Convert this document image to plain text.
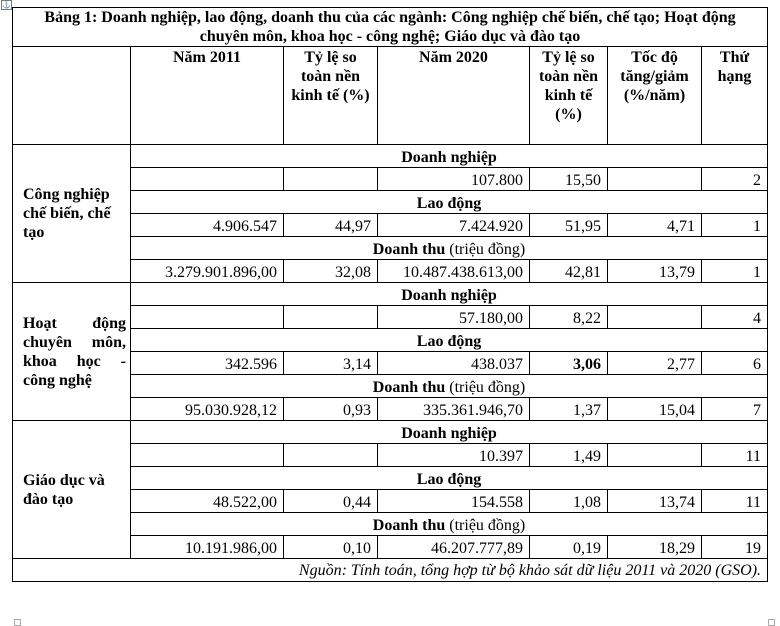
⚓
Bảng 1: Doanh nghiệp, lao động, doanh thu của các ngành: Công nghiệp chế biến, chế tạo; Hoạt động chuyên môn, khoa học - công nghệ; Giáo dục và đào tạo						
	Năm 2011	Tỷ lệ so toàn nền kinh tế (%)	Năm 2020	Tỷ lệ so toàn nền kinh tế (%)	Tốc độ tăng/giảm (%/năm)	Thứ hạng
Công nghiệp chế biến, chế tạo	Doanh nghiệp					
			107.800	15,50		2
	Lao động					
	4.906.547	44,97	7.424.920	51,95	4,71	1
	Doanh thu (triệu đồng)					
	3.279.901.896,00	32,08	10.487.438.613,00	42,81	13,79	1
Hoạt động chuyên môn, khoa học - công nghệ	Doanh nghiệp					
			57.180,00	8,22		4
	Lao động					
	342.596	3,14	438.037	3,06	2,77	6
	Doanh thu (triệu đồng)					
	95.030.928,12	0,93	335.361.946,70	1,37	15,04	7
Giáo dục và đào tạo	Doanh nghiệp					
			10.397	1,49		11
	Lao động					
	48.522,00	0,44	154.558	1,08	13,74	11
	Doanh thu (triệu đồng)					
	10.191.986,00	0,10	46.207.777,89	0,19	18,29	19
Nguồn: Tính toán, tổng hợp từ bộ khảo sát dữ liệu 2011 và 2020 (GSO).						
